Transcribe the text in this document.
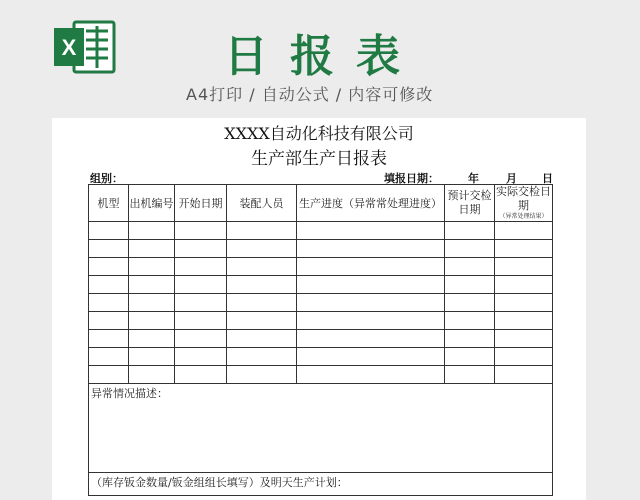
X	日报表
A4打印 / 自动公式 / 内容可修改
XXXX自动化科技有限公司
生产部生产日报表
组别：	填报日期：	年 月 日
机型	出机编号	开始日期	装配人员	生产进度（异常常处理进度）	预计交检日期	实际交检日期
（异常处理结果）

异常情况描述：						
（库存钣金数量/钣金组组长填写）及明天生产计划：						
